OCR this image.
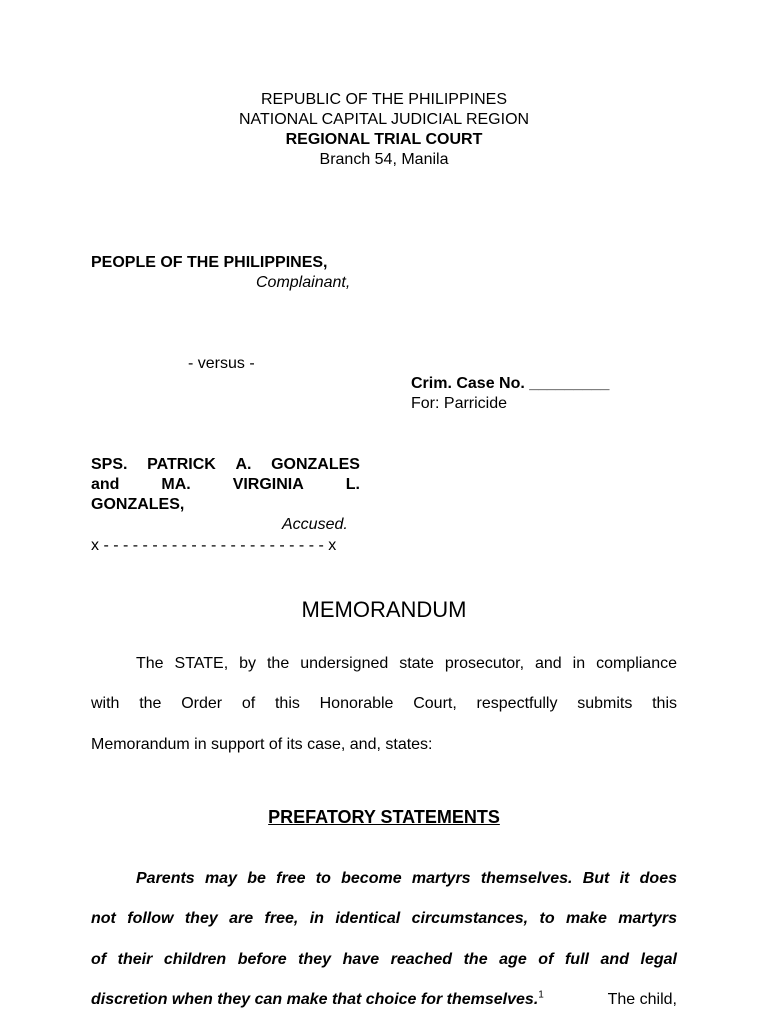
REPUBLIC OF THE PHILIPPINES
NATIONAL CAPITAL JUDICIAL REGION
REGIONAL TRIAL COURT
Branch 54, Manila
PEOPLE OF THE PHILIPPINES,
Complainant,
- versus -
Crim. Case No. _________
For: Parricide
SPS. PATRICK A. GONZALES
and	MA.	VIRGINIA	L.
GONZALES,
Accused.
x - - - - - - - - - - - - - - - - - - - - - - - x
MEMORANDUM
The STATE, by the undersigned state prosecutor, and in compliance
with the Order of this Honorable Court, respectfully submits this
Memorandum in support of its case, and, states:
PREFATORY STATEMENTS
Parents may be free to become martyrs themselves. But it does
not follow they are free, in identical circumstances, to make martyrs
of their children before they have reached the age of full and legal
discretion when they can make that choice for themselves.$^1$	The child,
